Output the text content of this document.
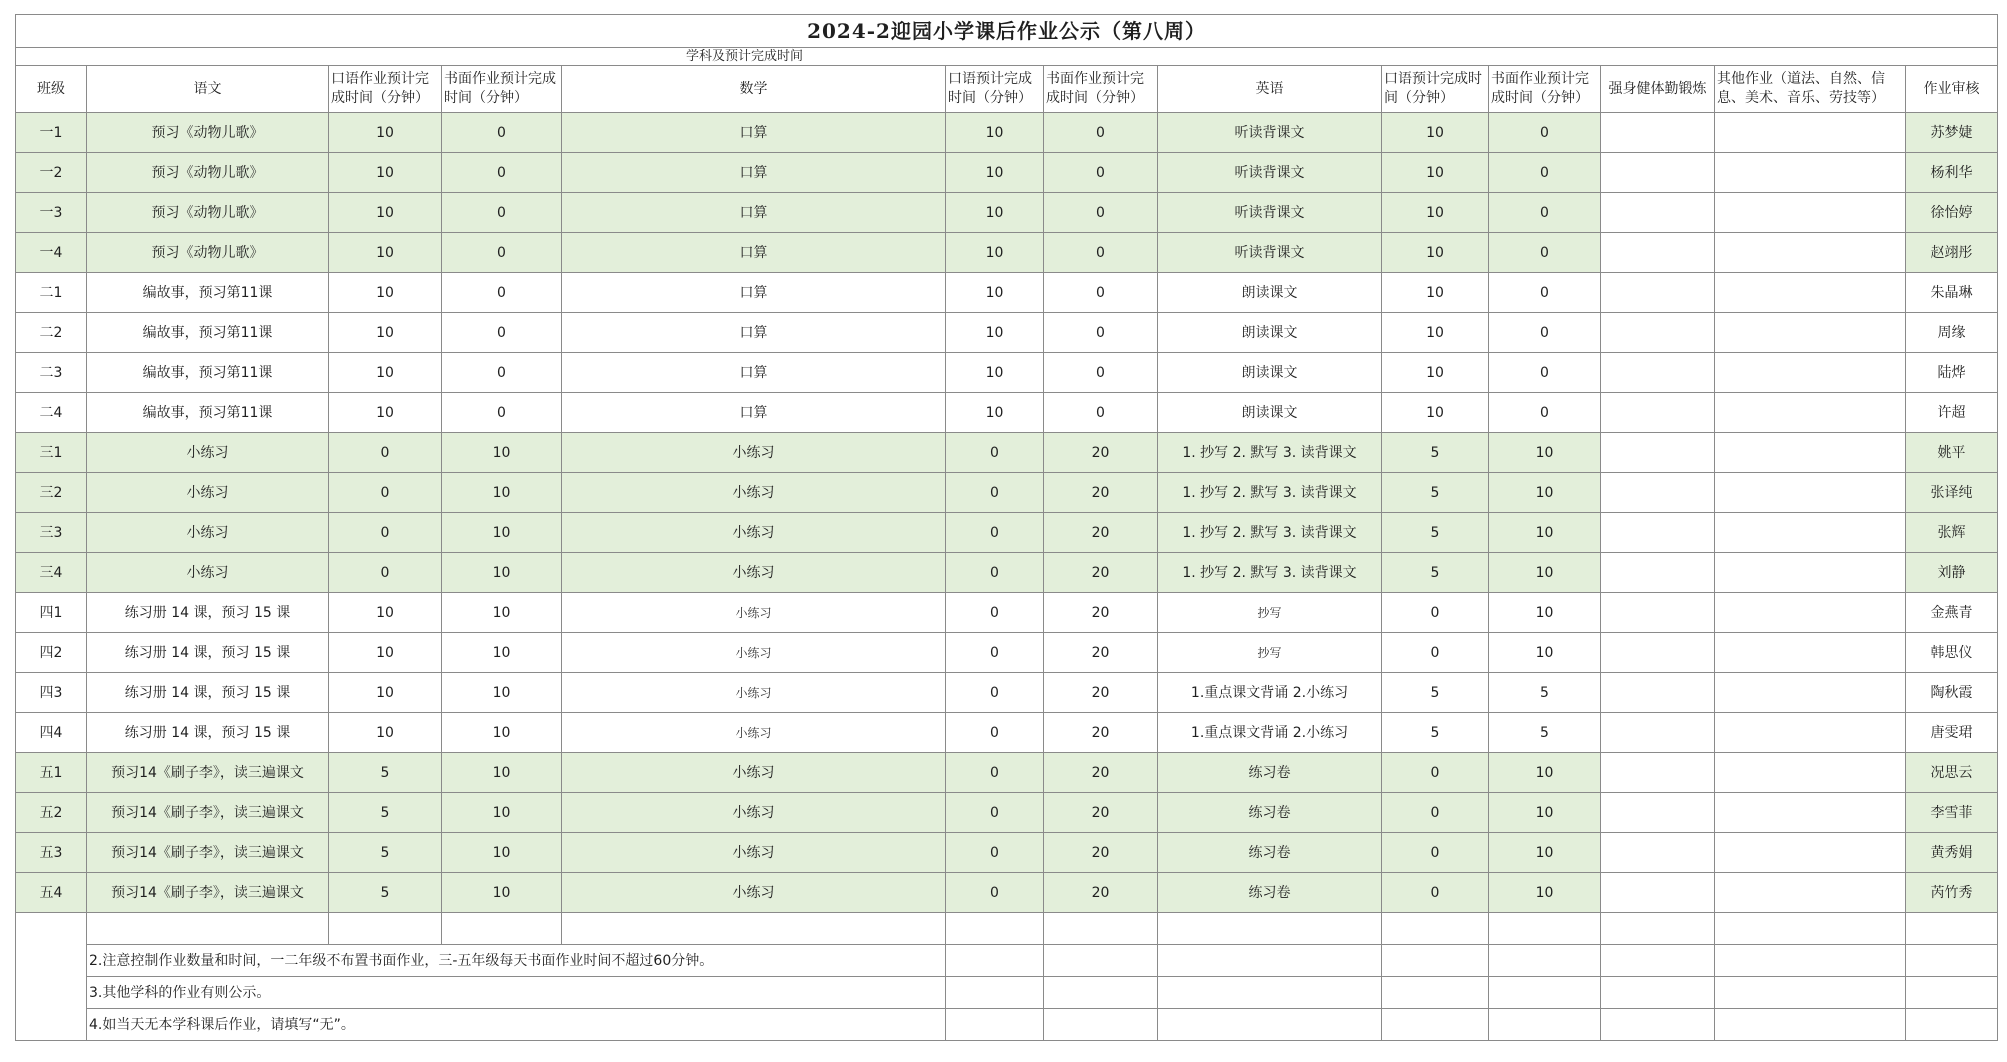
2024-2迎园小学课后作业公示（第八周）												
学科及预计完成时间												
班级	语文	口语作业预计完成时间（分钟）	书面作业预计完成时间（分钟）	数学	口语预计完成时间（分钟）	书面作业预计完成时间（分钟）	英语	口语预计完成时间（分钟）	书面作业预计完成时间（分钟）	强身健体勤锻炼	其他作业（道法、自然、信息、美术、音乐、劳技等）	作业审核
一1	预习《动物儿歌》	10	0	口算	10	0	听读背课文	10	0			苏梦婕
一2	预习《动物儿歌》	10	0	口算	10	0	听读背课文	10	0			杨利华
一3	预习《动物儿歌》	10	0	口算	10	0	听读背课文	10	0			徐怡婷
一4	预习《动物儿歌》	10	0	口算	10	0	听读背课文	10	0			赵翊彤
二1	编故事，预习第11课	10	0	口算	10	0	朗读课文	10	0			朱晶琳
二2	编故事，预习第11课	10	0	口算	10	0	朗读课文	10	0			周缘
二3	编故事，预习第11课	10	0	口算	10	0	朗读课文	10	0			陆烨
二4	编故事，预习第11课	10	0	口算	10	0	朗读课文	10	0			许超
三1	小练习	0	10	小练习	0	20	1. 抄写 2. 默写 3. 读背课文	5	10			姚平
三2	小练习	0	10	小练习	0	20	1. 抄写 2. 默写 3. 读背课文	5	10			张译纯
三3	小练习	0	10	小练习	0	20	1. 抄写 2. 默写 3. 读背课文	5	10			张辉
三4	小练习	0	10	小练习	0	20	1. 抄写 2. 默写 3. 读背课文	5	10			刘静
四1	练习册 14 课，预习 15 课	10	10	小练习	0	20	抄写	0	10			金燕青
四2	练习册 14 课，预习 15 课	10	10	小练习	0	20	抄写	0	10			韩思仪
四3	练习册 14 课，预习 15 课	10	10	小练习	0	20	1.重点课文背诵 2.小练习	5	5			陶秋霞
四4	练习册 14 课，预习 15 课	10	10	小练习	0	20	1.重点课文背诵 2.小练习	5	5			唐雯珺
五1	预习14《刷子李》，读三遍课文	5	10	小练习	0	20	练习卷	0	10			况思云
五2	预习14《刷子李》，读三遍课文	5	10	小练习	0	20	练习卷	0	10			李雪菲
五3	预习14《刷子李》，读三遍课文	5	10	小练习	0	20	练习卷	0	10			黄秀娟
五4	预习14《刷子李》，读三遍课文	5	10	小练习	0	20	练习卷	0	10			芮竹秀

	2.注意控制作业数量和时间，一二年级不布置书面作业，三-五年级每天书面作业时间不超过60分钟。											
	3.其他学科的作业有则公示。											
	4.如当天无本学科课后作业，请填写“无”。											
